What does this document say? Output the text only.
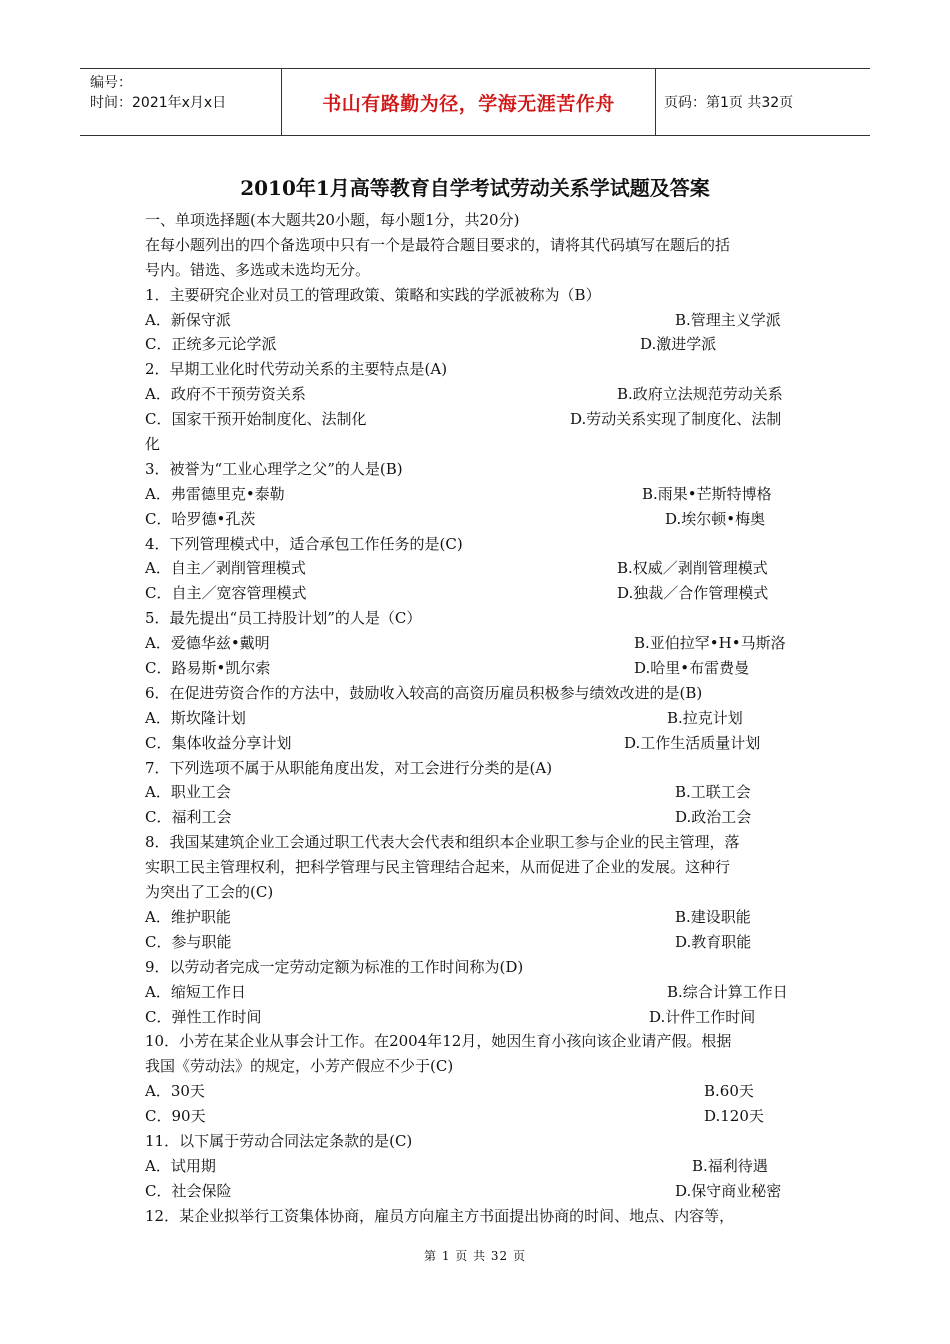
编号：
时间：2021年x月x日	书山有路勤为径，学海无涯苦作舟	页码：第1页 共32页
2010年1月高等教育自学考试劳动关系学试题及答案
一、单项选择题(本大题共20小题，每小题1分，共20分)
在每小题列出的四个备选项中只有一个是最符合题目要求的，请将其代码填写在题后的括
号内。错选、多选或未选均无分。
1．主要研究企业对员工的管理政策、策略和实践的学派被称为（B）
A．新保守派	B.管理主义学派
C．正统多元论学派	D.激进学派
2．早期工业化时代劳动关系的主要特点是(A)
A．政府不干预劳资关系	B.政府立法规范劳动关系
C．国家干预开始制度化、法制化	D.劳动关系实现了制度化、法制
化
3．被誉为“工业心理学之父”的人是(B)
A．弗雷德里克•泰勒	B.雨果•芒斯特博格
C．哈罗德•孔茨	D.埃尔顿•梅奥
4．下列管理模式中，适合承包工作任务的是(C)
A．自主／剥削管理模式	B.权威／剥削管理模式
C．自主／宽容管理模式	D.独裁／合作管理模式
5．最先提出“员工持股计划”的人是（C）
A．爱德华兹•戴明	B.亚伯拉罕•H•马斯洛
C．路易斯•凯尔索	D.哈里•布雷费曼
6．在促进劳资合作的方法中，鼓励收入较高的高资历雇员积极参与绩效改进的是(B)
A．斯坎隆计划	B.拉克计划
C．集体收益分享计划	D.工作生活质量计划
7．下列选项不属于从职能角度出发，对工会进行分类的是(A)
A．职业工会	B.工联工会
C．福利工会	D.政治工会
8．我国某建筑企业工会通过职工代表大会代表和组织本企业职工参与企业的民主管理，落
实职工民主管理权利，把科学管理与民主管理结合起来，从而促进了企业的发展。这种行
为突出了工会的(C)
A．维护职能	B.建设职能
C．参与职能	D.教育职能
9．以劳动者完成一定劳动定额为标准的工作时间称为(D)
A．缩短工作日	B.综合计算工作日
C．弹性工作时间	D.计件工作时间
10．小芳在某企业从事会计工作。在2004年12月，她因生育小孩向该企业请产假。根据
我国《劳动法》的规定，小芳产假应不少于(C)
A．30天	B.60天
C．90天	D.120天
11．以下属于劳动合同法定条款的是(C)
A．试用期	B.福利待遇
C．社会保险	D.保守商业秘密
12．某企业拟举行工资集体协商，雇员方向雇主方书面提出协商的时间、地点、内容等，
第 1 页 共 32 页
